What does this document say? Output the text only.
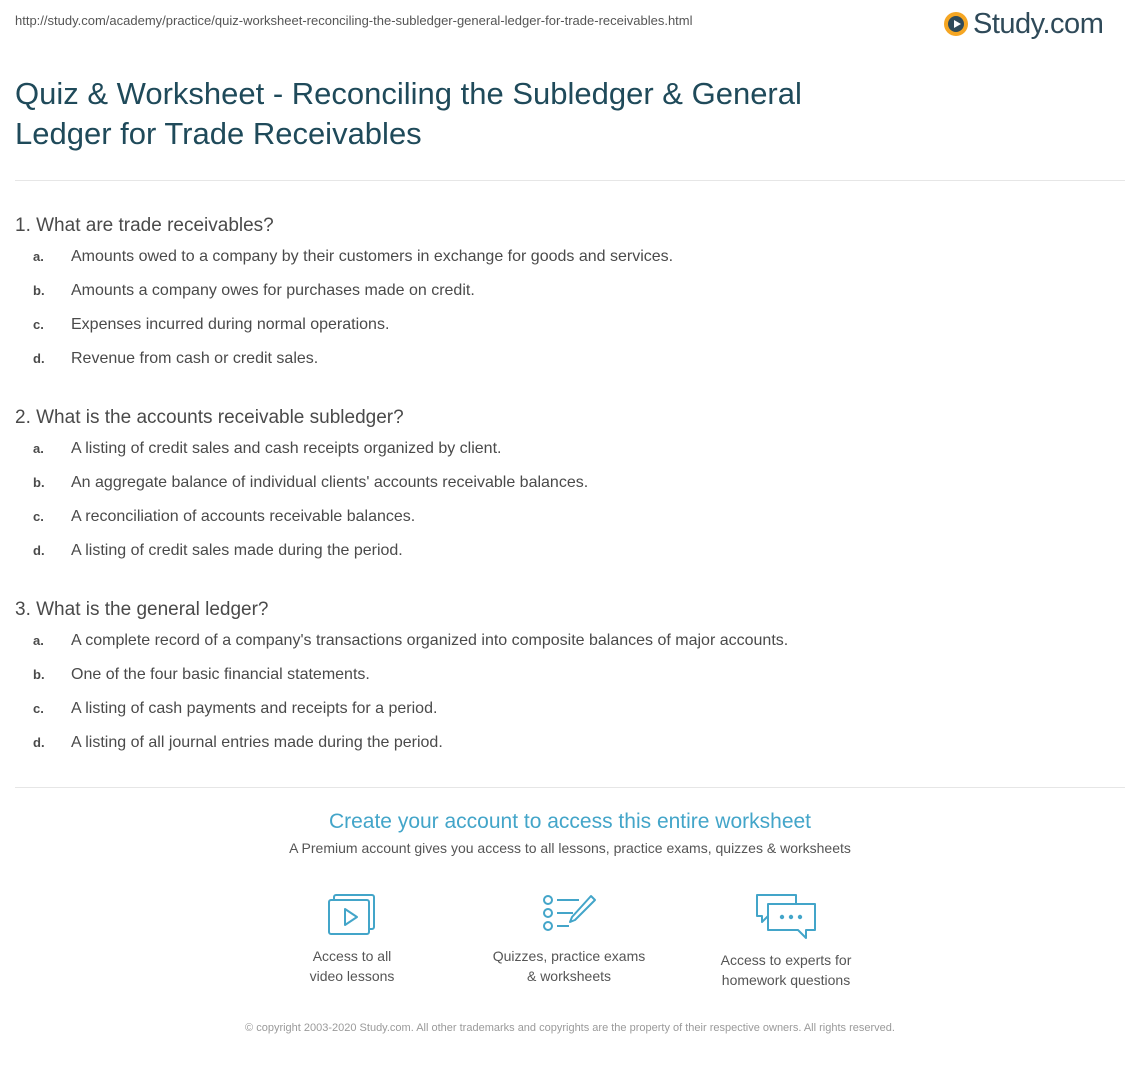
http://study.com/academy/practice/quiz-worksheet-reconciling-the-subledger-general-ledger-for-trade-receivables.html	Study.com
Quiz & Worksheet - Reconciling the Subledger & General Ledger for Trade Receivables
1. What are trade receivables?
a.	Amounts owed to a company by their customers in exchange for goods and services.
b.	Amounts a company owes for purchases made on credit.
c.	Expenses incurred during normal operations.
d.	Revenue from cash or credit sales.
2. What is the accounts receivable subledger?
a.	A listing of credit sales and cash receipts organized by client.
b.	An aggregate balance of individual clients' accounts receivable balances.
c.	A reconciliation of accounts receivable balances.
d.	A listing of credit sales made during the period.
3. What is the general ledger?
a.	A complete record of a company's transactions organized into composite balances of major accounts.
b.	One of the four basic financial statements.
c.	A listing of cash payments and receipts for a period.
d.	A listing of all journal entries made during the period.
Create your account to access this entire worksheet
A Premium account gives you access to all lessons, practice exams, quizzes & worksheets
Access to all
video lessons
Quizzes, practice exams
& worksheets
Access to experts for
homework questions
© copyright 2003-2020 Study.com. All other trademarks and copyrights are the property of their respective owners. All rights reserved.
